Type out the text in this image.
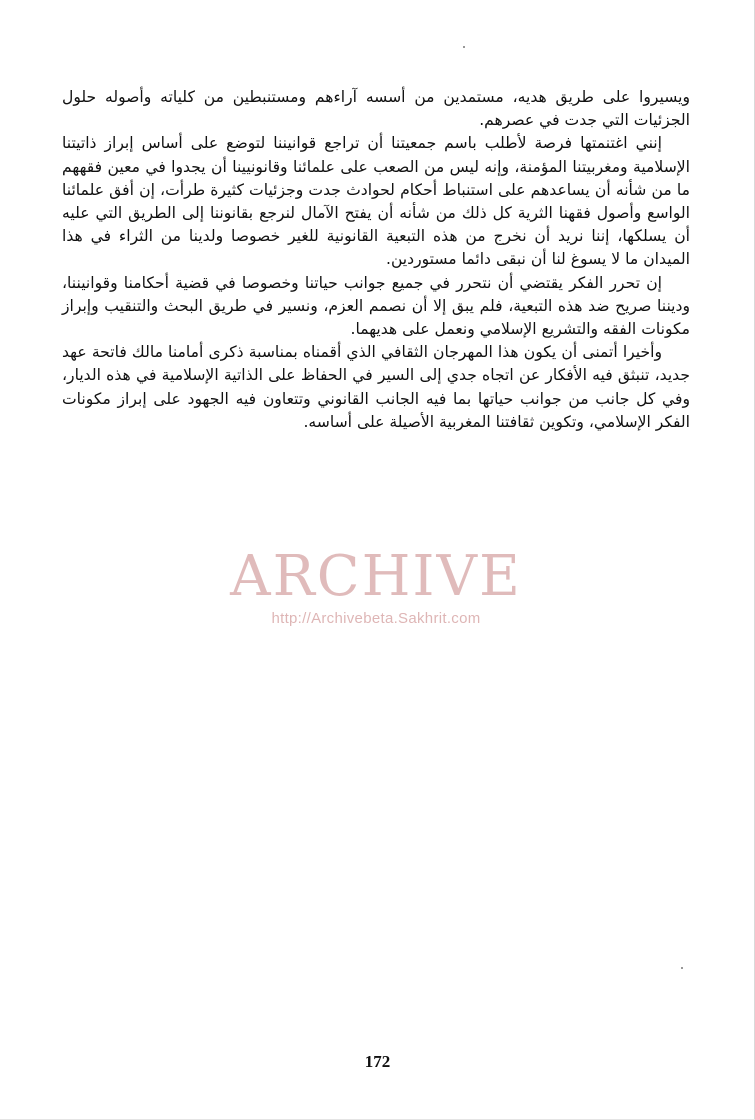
ويسيروا على طريق هديه، مستمدين من أسسه آراءهم ومستنبطين من كلياته وأصوله حلول الجزئيات التي جدت في عصرهم.

إنني اغتنمتها فرصة لأطلب باسم جمعيتنا أن تراجع قوانيننا لتوضع على أساس إبراز ذاتيتنا الإسلامية ومغربيتنا المؤمنة، وإنه ليس من الصعب على علمائنا وقانونيينا أن يجدوا في معين فقههم ما من شأنه أن يساعدهم على استنباط أحكام لحوادث جدت وجزئيات كثيرة طرأت، إن أفق علمائنا الواسع وأصول فقهنا الثرية كل ذلك من شأنه أن يفتح الآمال لنرجع بقانوننا إلى الطريق التي عليه أن يسلكها، إننا نريد أن نخرج من هذه التبعية القانونية للغير خصوصا ولدينا من الثراء في هذا الميدان ما لا يسوغ لنا أن نبقى دائما مستوردين.

إن تحرر الفكر يقتضي أن نتحرر في جميع جوانب حياتنا وخصوصا في قضية أحكامنا وقوانيننا، وديننا صريح ضد هذه التبعية، فلم يبق إلا أن نصمم العزم، ونسير في طريق البحث والتنقيب وإبراز مكونات الفقه والتشريع الإسلامي ونعمل على هديهما.

وأخيرا أتمنى أن يكون هذا المهرجان الثقافي الذي أقمناه بمناسبة ذكرى أمامنا مالك فاتحة عهد جديد، تنبثق فيه الأفكار عن اتجاه جدي إلى السير في الحفاظ على الذاتية الإسلامية في هذه الديار، وفي كل جانب من جوانب حياتها بما فيه الجانب القانوني وتتعاون فيه الجهود على إبراز مكونات الفكر الإسلامي، وتكوين ثقافتنا المغربية الأصيلة على أساسه.

ARCHIVE
http://Archivebeta.Sakhrit.com
172
